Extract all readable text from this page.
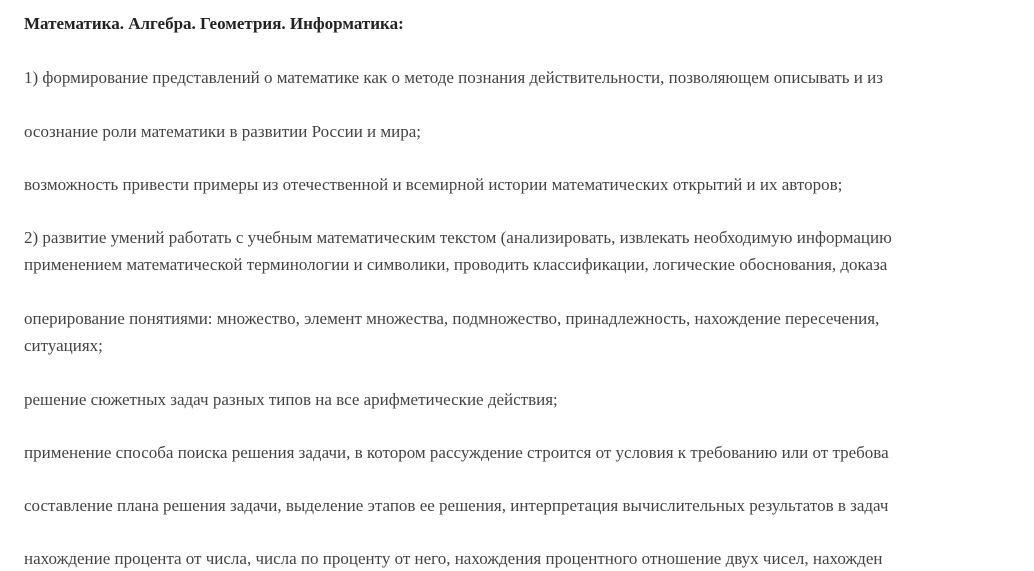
Математика. Алгебра. Геометрия. Информатика:
1) формирование представлений о математике как о методе познания действительности, позволяющем описывать и из
осознание роли математики в развитии России и мира;
возможность привести примеры из отечественной и всемирной истории математических открытий и их авторов;
2) развитие умений работать с учебным математическим текстом (анализировать, извлекать необходимую информацию
применением математической терминологии и символики, проводить классификации, логические обоснования, доказа
оперирование понятиями: множество, элемент множества, подмножество, принадлежность, нахождение пересечения,
ситуациях;
решение сюжетных задач разных типов на все арифметические действия;
применение способа поиска решения задачи, в котором рассуждение строится от условия к требованию или от требова
составление плана решения задачи, выделение этапов ее решения, интерпретация вычислительных результатов в задач
нахождение процента от числа, числа по проценту от него, нахождения процентного отношение двух чисел, нахожден
